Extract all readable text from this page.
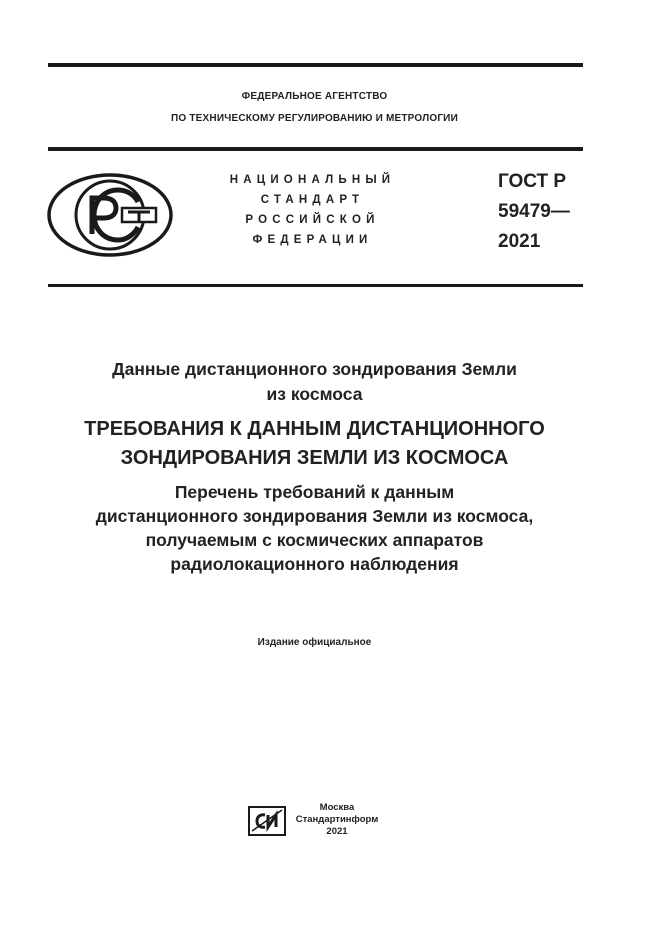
ФЕДЕРАЛЬНОЕ АГЕНТСТВО
ПО ТЕХНИЧЕСКОМУ РЕГУЛИРОВАНИЮ И МЕТРОЛОГИИ
НАЦИОНАЛЬНЫЙ
СТАНДАРТ
РОССИЙСКОЙ
ФЕДЕРАЦИИ
ГОСТ Р
59479—
2021
Данные дистанционного зондирования Земли
из космоса
ТРЕБОВАНИЯ К ДАННЫМ ДИСТАНЦИОННОГО
ЗОНДИРОВАНИЯ ЗЕМЛИ ИЗ КОСМОСА
Перечень требований к данным
дистанционного зондирования Земли из космоса,
получаемым с космических аппаратов
радиолокационного наблюдения
Издание официальное
Москва
Стандартинформ
2021
